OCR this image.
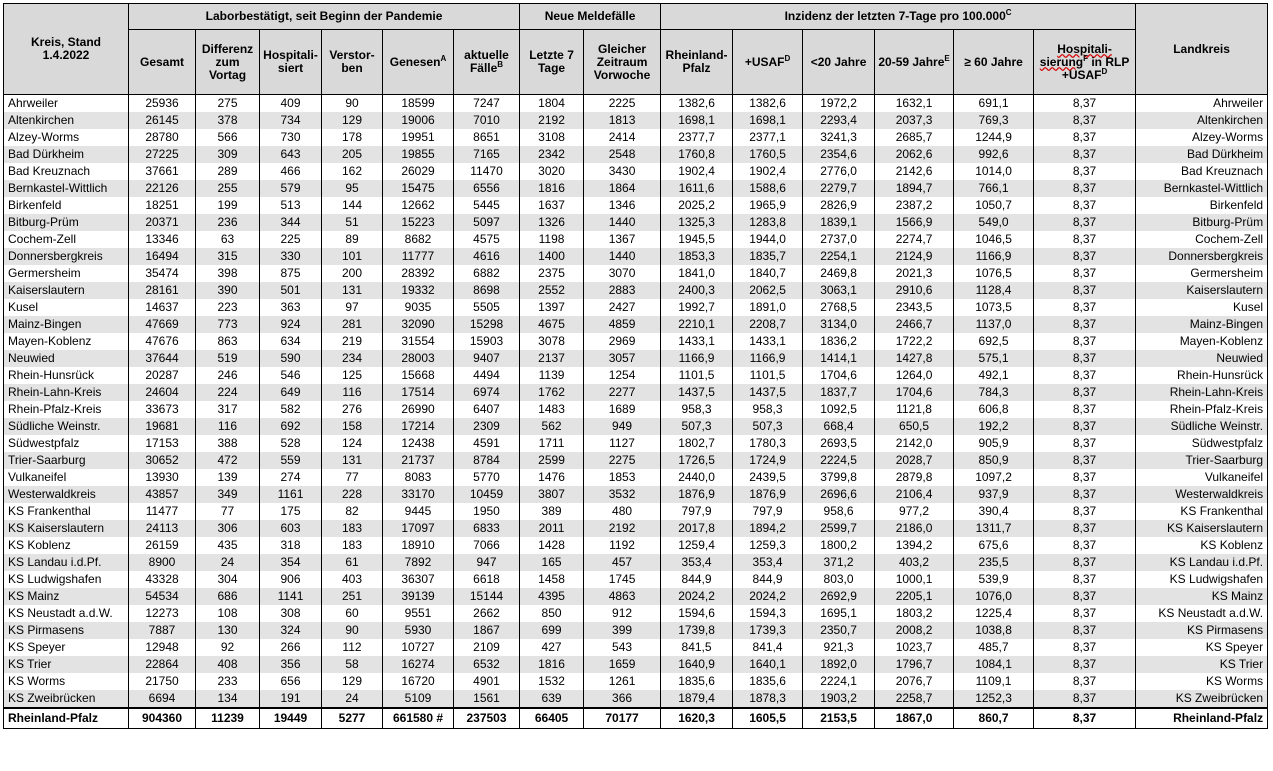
Kreis, Stand 1.4.2022	Laborbestätigt, seit Beginn der Pandemie						Neue Meldefälle		Inzidenz der letzten 7-Tage pro $100.000^C$						Landkreis
	Gesamt	Differenz zum Vortag	Hospitali-siert	Verstor-ben	Genesen$^A$	aktuelle Fälle$^B$	Letzte 7 Tage	Gleicher Zeitraum Vorwoche	Rheinland-Pfalz	$+USAF^D$	<20 Jahre	20-59 Jahre$^E$	≥ 60 Jahre	Hospitali-sierung$^F$ in RLP $+USAF^D$
Ahrweiler	25936	275	409	90	18599	7247	1804	2225	1382,6	1382,6	1972,2	1632,1	691,1	8,37	Ahrweiler
Altenkirchen	26145	378	734	129	19006	7010	2192	1813	1698,1	1698,1	2293,4	2037,3	769,3	8,37	Altenkirchen
Alzey-Worms	28780	566	730	178	19951	8651	3108	2414	2377,7	2377,1	3241,3	2685,7	1244,9	8,37	Alzey-Worms
Bad Dürkheim	27225	309	643	205	19855	7165	2342	2548	1760,8	1760,5	2354,6	2062,6	992,6	8,37	Bad Dürkheim
Bad Kreuznach	37661	289	466	162	26029	11470	3020	3430	1902,4	1902,4	2776,0	2142,6	1014,0	8,37	Bad Kreuznach
Bernkastel-Wittlich	22126	255	579	95	15475	6556	1816	1864	1611,6	1588,6	2279,7	1894,7	766,1	8,37	Bernkastel-Wittlich
Birkenfeld	18251	199	513	144	12662	5445	1637	1346	2025,2	1965,9	2826,9	2387,2	1050,7	8,37	Birkenfeld
Bitburg-Prüm	20371	236	344	51	15223	5097	1326	1440	1325,3	1283,8	1839,1	1566,9	549,0	8,37	Bitburg-Prüm
Cochem-Zell	13346	63	225	89	8682	4575	1198	1367	1945,5	1944,0	2737,0	2274,7	1046,5	8,37	Cochem-Zell
Donnersbergkreis	16494	315	330	101	11777	4616	1400	1440	1853,3	1835,7	2254,1	2124,9	1166,9	8,37	Donnersbergkreis
Germersheim	35474	398	875	200	28392	6882	2375	3070	1841,0	1840,7	2469,8	2021,3	1076,5	8,37	Germersheim
Kaiserslautern	28161	390	501	131	19332	8698	2552	2883	2400,3	2062,5	3063,1	2910,6	1128,4	8,37	Kaiserslautern
Kusel	14637	223	363	97	9035	5505	1397	2427	1992,7	1891,0	2768,5	2343,5	1073,5	8,37	Kusel
Mainz-Bingen	47669	773	924	281	32090	15298	4675	4859	2210,1	2208,7	3134,0	2466,7	1137,0	8,37	Mainz-Bingen
Mayen-Koblenz	47676	863	634	219	31554	15903	3078	2969	1433,1	1433,1	1836,2	1722,2	692,5	8,37	Mayen-Koblenz
Neuwied	37644	519	590	234	28003	9407	2137	3057	1166,9	1166,9	1414,1	1427,8	575,1	8,37	Neuwied
Rhein-Hunsrück	20287	246	546	125	15668	4494	1139	1254	1101,5	1101,5	1704,6	1264,0	492,1	8,37	Rhein-Hunsrück
Rhein-Lahn-Kreis	24604	224	649	116	17514	6974	1762	2277	1437,5	1437,5	1837,7	1704,6	784,3	8,37	Rhein-Lahn-Kreis
Rhein-Pfalz-Kreis	33673	317	582	276	26990	6407	1483	1689	958,3	958,3	1092,5	1121,8	606,8	8,37	Rhein-Pfalz-Kreis
Südliche Weinstr.	19681	116	692	158	17214	2309	562	949	507,3	507,3	668,4	650,5	192,2	8,37	Südliche Weinstr.
Südwestpfalz	17153	388	528	124	12438	4591	1711	1127	1802,7	1780,3	2693,5	2142,0	905,9	8,37	Südwestpfalz
Trier-Saarburg	30652	472	559	131	21737	8784	2599	2275	1726,5	1724,9	2224,5	2028,7	850,9	8,37	Trier-Saarburg
Vulkaneifel	13930	139	274	77	8083	5770	1476	1853	2440,0	2439,5	3799,8	2879,8	1097,2	8,37	Vulkaneifel
Westerwaldkreis	43857	349	1161	228	33170	10459	3807	3532	1876,9	1876,9	2696,6	2106,4	937,9	8,37	Westerwaldkreis
KS Frankenthal	11477	77	175	82	9445	1950	389	480	797,9	797,9	958,6	977,2	390,4	8,37	KS Frankenthal
KS Kaiserslautern	24113	306	603	183	17097	6833	2011	2192	2017,8	1894,2	2599,7	2186,0	1311,7	8,37	KS Kaiserslautern
KS Koblenz	26159	435	318	183	18910	7066	1428	1192	1259,4	1259,3	1800,2	1394,2	675,6	8,37	KS Koblenz
KS Landau i.d.Pf.	8900	24	354	61	7892	947	165	457	353,4	353,4	371,2	403,2	235,5	8,37	KS Landau i.d.Pf.
KS Ludwigshafen	43328	304	906	403	36307	6618	1458	1745	844,9	844,9	803,0	1000,1	539,9	8,37	KS Ludwigshafen
KS Mainz	54534	686	1141	251	39139	15144	4395	4863	2024,2	2024,2	2692,9	2205,1	1076,0	8,37	KS Mainz
KS Neustadt a.d.W.	12273	108	308	60	9551	2662	850	912	1594,6	1594,3	1695,1	1803,2	1225,4	8,37	KS Neustadt a.d.W.
KS Pirmasens	7887	130	324	90	5930	1867	699	399	1739,8	1739,3	2350,7	2008,2	1038,8	8,37	KS Pirmasens
KS Speyer	12948	92	266	112	10727	2109	427	543	841,5	841,4	921,3	1023,7	485,7	8,37	KS Speyer
KS Trier	22864	408	356	58	16274	6532	1816	1659	1640,9	1640,1	1892,0	1796,7	1084,1	8,37	KS Trier
KS Worms	21750	233	656	129	16720	4901	1532	1261	1835,6	1835,6	2224,1	2076,7	1109,1	8,37	KS Worms
KS Zweibrücken	6694	134	191	24	5109	1561	639	366	1879,4	1878,3	1903,2	2258,7	1252,3	8,37	KS Zweibrücken
Rheinland-Pfalz	904360	11239	19449	5277	661580 #	237503	66405	70177	1620,3	1605,5	2153,5	1867,0	860,7	8,37	Rheinland-Pfalz
